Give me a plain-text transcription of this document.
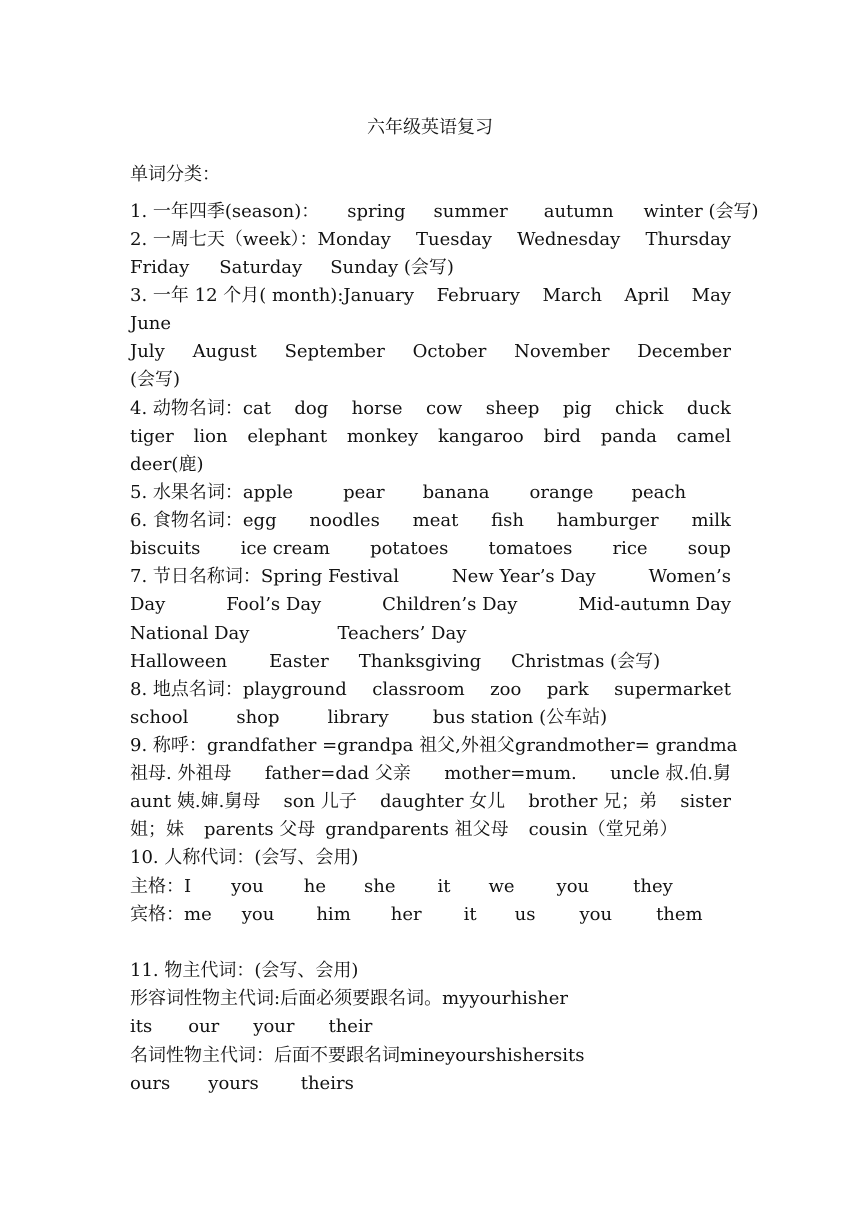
六年级英语复习
单词分类：
1. 一年四季(season)： spring summer autumn winter (会写)
2. 一周七天（week）：Monday Tuesday Wednesday Thursday
Friday Saturday Sunday (会写)
3. 一年 12 个月( month):January February March April May
June
July August September October November December
(会写)
4. 动物名词：cat dog horse cow sheep pig chick duck
tiger lion elephant monkey kangaroo bird panda camel
deer(鹿)
5. 水果名词：apple	pear banana orange peach
6. 食物名词：egg noodles meat fish hamburger milk
biscuits ice cream potatoes tomatoes rice soup
7. 节日名称词：Spring Festival	New Year’s Day	Women’s
Day	Fool’s Day	Children’s Day	Mid-autumn Day
National Day	Teachers’ Day
Halloween Easter Thanksgiving Christmas (会写)
8. 地点名词：playground classroom zoo park supermarket
school	shop	library bus station (公车站)
9. 称呼：grandfather =grandpa 祖父,外祖父 grandmother= grandma
祖母. 外祖母 father=dad 父亲 mother=mum. uncle 叔.伯.舅
aunt 姨.婶.舅母 son 儿子 daughter 女儿 brother 兄；弟 sister
姐；妹 parents 父母 grandparents 祖父母 cousin（堂兄弟）
10. 人称代词：(会写、会用)
主格：I you he she it we you they
宾格：me you him her it us you them
11. 物主代词：(会写、会用)
形容词性物主代词:后面必须要跟名词。 my your his her
its our your their
名词性物主代词：后面不要跟名词 mine yours his hers its
ours yours theirs
